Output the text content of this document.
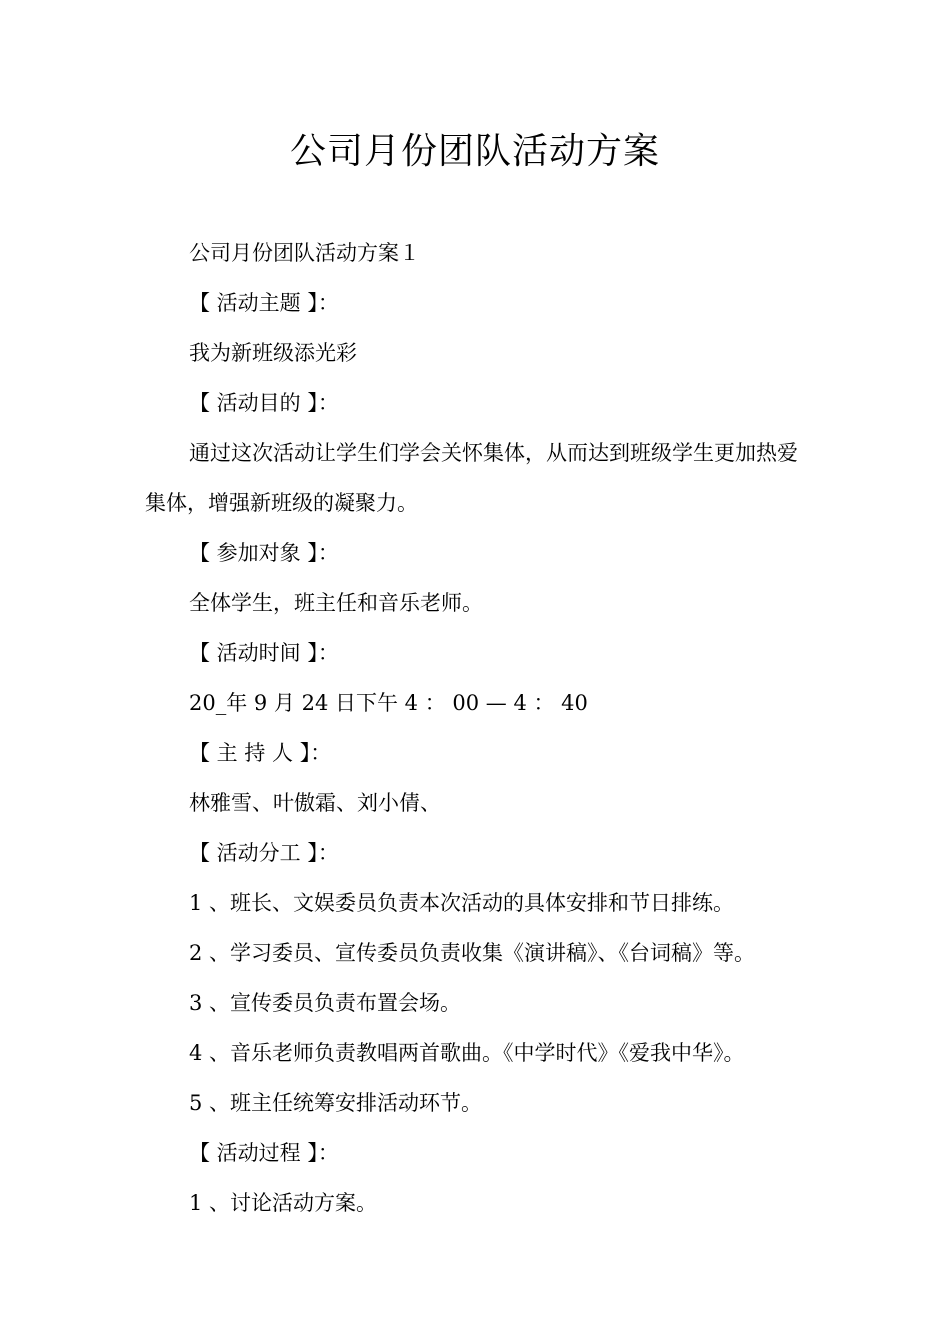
公司月份团队活动方案

公司月份团队活动方案１

【 活动主题 】：

我为新班级添光彩

【 活动目的 】：

通过这次活动让学生们学会关怀集体，从而达到班级学生更加热爱集体，增强新班级的凝聚力。

【 参加对象 】：

全体学生，班主任和音乐老师。

【 活动时间 】：

20_年 9 月 24 日下午 4 ： 00 — 4 ： 40

【 主 持 人 】：

林雅雪、叶傲霜、刘小倩、

【 活动分工 】：

1 、班长、文娱委员负责本次活动的具体安排和节日排练。

2 、学习委员、宣传委员负责收集《演讲稿》、《台词稿》等。

3 、宣传委员负责布置会场。

4 、音乐老师负责教唱两首歌曲。《中学时代》《爱我中华》。

5 、班主任统筹安排活动环节。

【 活动过程 】：

1 、讨论活动方案。
